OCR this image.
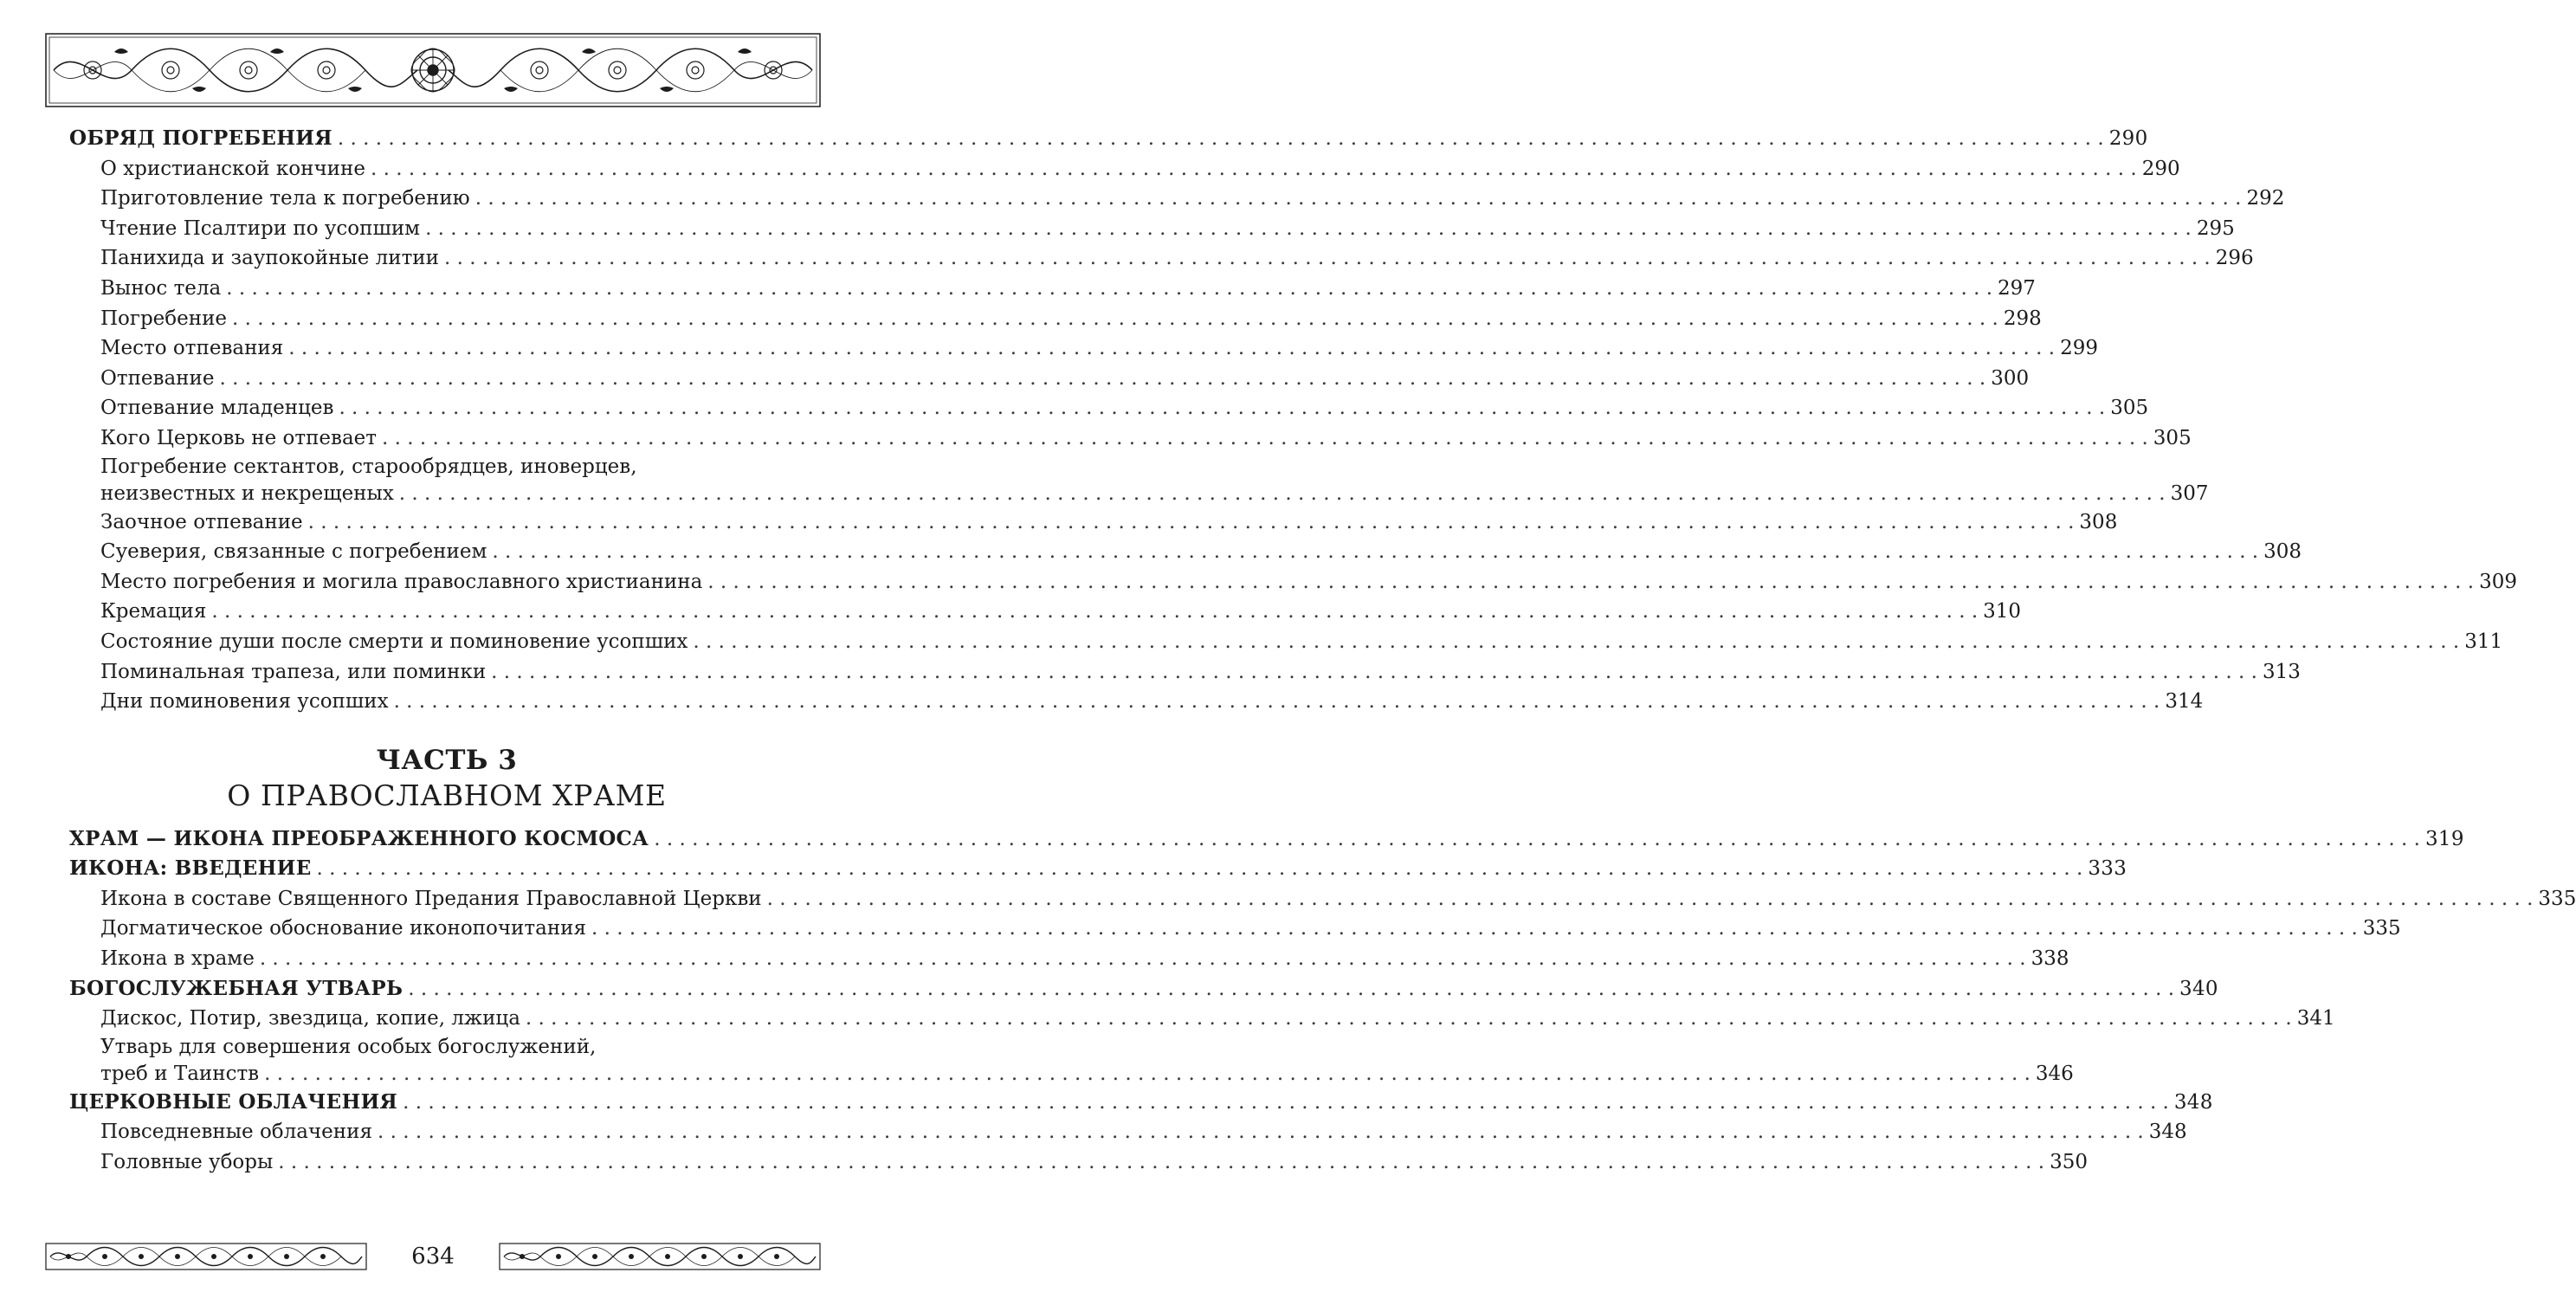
ОБРЯД ПОГРЕБЕНИЯ . . .	290
О христианской кончине . . .	290
Приготовление тела к погребению . . .	292
Чтение Псалтири по усопшим . . .	295
Панихида и заупокойные литии . . .	296
Вынос тела . . .	297
Погребение . . .	298
Место отпевания . . .	299
Отпевание . . .	300
Отпевание младенцев . . .	305
Кого Церковь не отпевает . . .	305
Погребение сектантов, старообрядцев, иноверцев,
неизвестных и некрещеных . . .	307
Заочное отпевание . . .	308
Суеверия, связанные с погребением . . .	308
Место погребения и могила православного христианина . . .	309
Кремация . . .	310
Состояние души после смерти и поминовение усопших . . .	311
Поминальная трапеза, или поминки . . .	313
Дни поминовения усопших . . .	314
ЧАСТЬ 3
О ПРАВОСЛАВНОМ ХРАМЕ
ХРАМ — ИКОНА ПРЕОБРАЖЕННОГО КОСМОСА . . .	319
ИКОНА: ВВЕДЕНИЕ . . .	333
Икона в составе Священного Предания Православной Церкви . . .	335
Догматическое обоснование иконопочитания . . .	335
Икона в храме . . .	338
БОГОСЛУЖЕБНАЯ УТВАРЬ . . .	340
Дискос, Потир, звездица, копие, лжица . . .	341
Утварь для совершения особых богослужений,
треб и Таинств . . .	346
ЦЕРКОВНЫЕ ОБЛАЧЕНИЯ . . .	348
Повседневные облачения . . .	348
Головные уборы . . .	350
634
